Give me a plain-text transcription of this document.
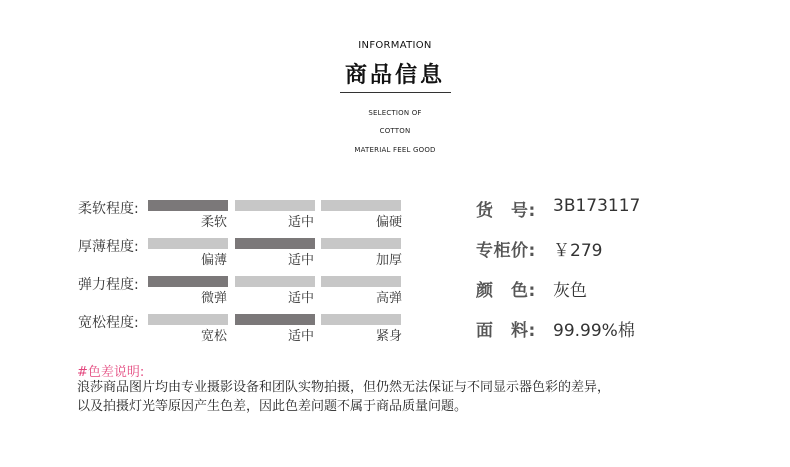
INFORMATION
商品信息
SELECTION OF
COTTON
MATERIAL FEEL GOOD
柔软程度:
柔软	适中	偏硬
厚薄程度:
偏薄	适中	加厚
弹力程度:
微弹	适中	高弹
宽松程度:
宽松	适中	紧身
货　号: 3B173117
专柜价: ￥279
颜　色: 灰色
面　料: 99.99%棉
#色差说明:
浪莎商品图片均由专业摄影设备和团队实物拍摄，但仍然无法保证与不同显示器色彩的差异，
以及拍摄灯光等原因产生色差，因此色差问题不属于商品质量问题。
